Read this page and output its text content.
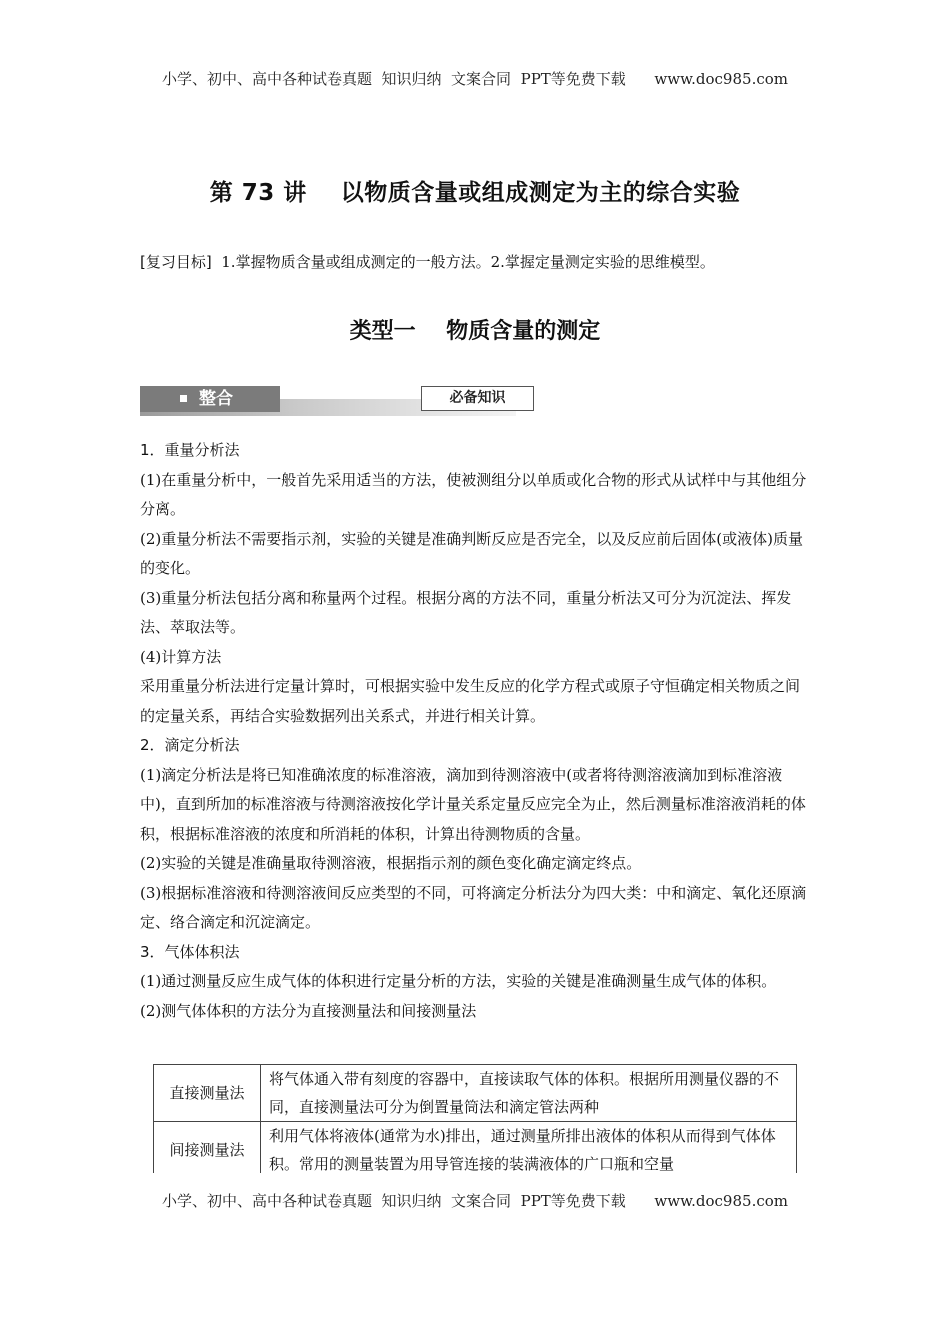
小学、初中、高中各种试卷真题  知识归纳  文案合同  PPT等免费下载      www.doc985.com
第 73 讲    以物质含量或组成测定为主的综合实验
[复习目标]  1.掌握物质含量或组成测定的一般方法。2.掌握定量测定实验的思维模型。
类型一    物质含量的测定
整合	必备知识

1．重量分析法

(1)在重量分析中，一般首先采用适当的方法，使被测组分以单质或化合物的形式从试样中与其他组分分离。

(2)重量分析法不需要指示剂，实验的关键是准确判断反应是否完全，以及反应前后固体(或液体)质量的变化。

(3)重量分析法包括分离和称量两个过程。根据分离的方法不同，重量分析法又可分为沉淀法、挥发法、萃取法等。

(4)计算方法

采用重量分析法进行定量计算时，可根据实验中发生反应的化学方程式或原子守恒确定相关物质之间的定量关系，再结合实验数据列出关系式，并进行相关计算。

2．滴定分析法

(1)滴定分析法是将已知准确浓度的标准溶液，滴加到待测溶液中(或者将待测溶液滴加到标准溶液中)，直到所加的标准溶液与待测溶液按化学计量关系定量反应完全为止，然后测量标准溶液消耗的体积，根据标准溶液的浓度和所消耗的体积，计算出待测物质的含量。

(2)实验的关键是准确量取待测溶液，根据指示剂的颜色变化确定滴定终点。

(3)根据标准溶液和待测溶液间反应类型的不同，可将滴定分析法分为四大类：中和滴定、氧化还原滴定、络合滴定和沉淀滴定。

3．气体体积法

(1)通过测量反应生成气体的体积进行定量分析的方法，实验的关键是准确测量生成气体的体积。

(2)测气体体积的方法分为直接测量法和间接测量法

直接测量法	将气体通入带有刻度的容器中，直接读取气体的体积。根据所用测量仪器的不同，直接测量法可分为倒置量筒法和滴定管法两种
间接测量法	利用气体将液体(通常为水)排出，通过测量所排出液体的体积从而得到气体体积。常用的测量装置为用导管连接的装满液体的广口瓶和空量
小学、初中、高中各种试卷真题  知识归纳  文案合同  PPT等免费下载      www.doc985.com
